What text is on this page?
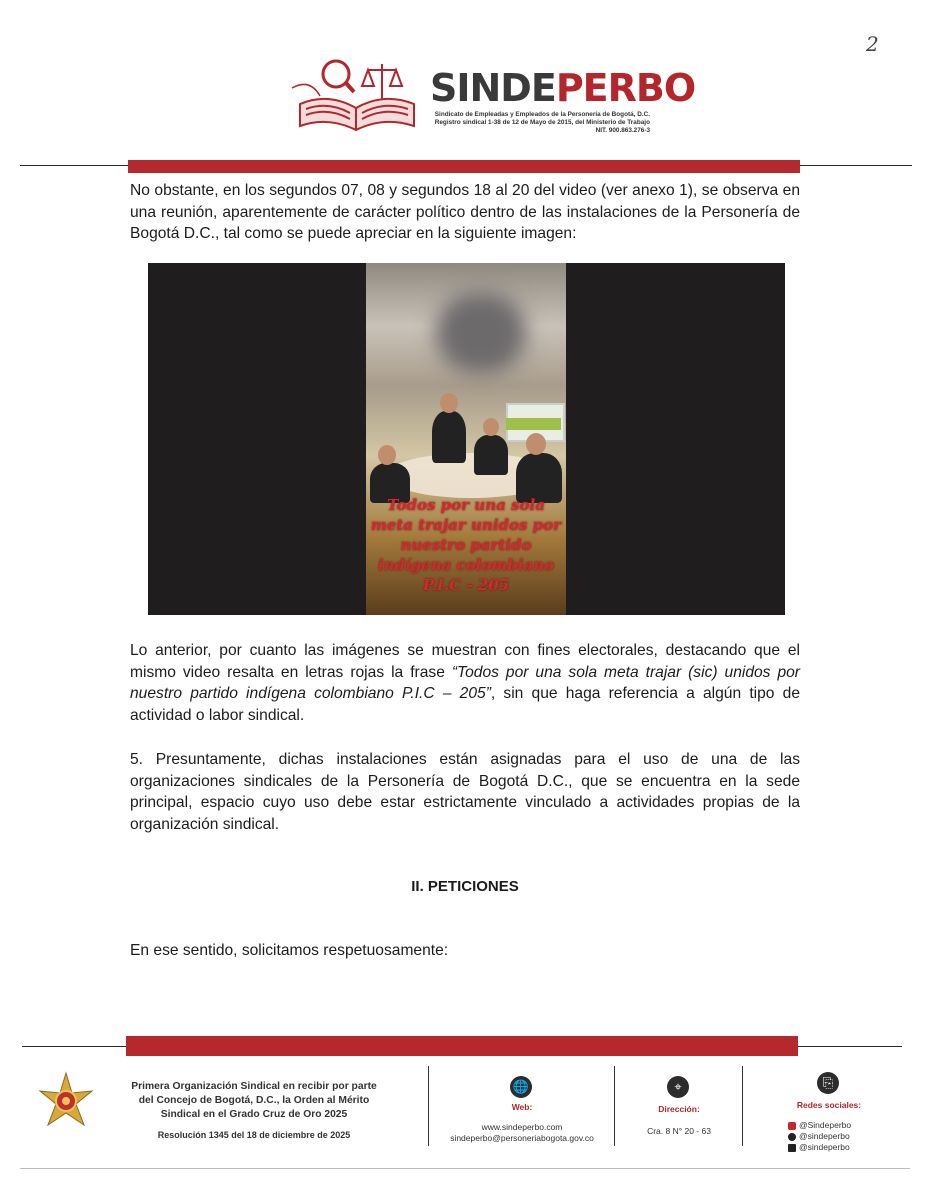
2
SINDEPERBO
Sindicato de Empleadas y Empleados de la Personería de Bogotá, D.C.
Registro sindical 1-38 de 12 de Mayo de 2015, del Ministerio de Trabajo
NIT. 900.863.276-3
No obstante, en los segundos 07, 08 y segundos 18 al 20 del video (ver anexo 1), se observa en una reunión, aparentemente de carácter político dentro de las instalaciones de la Personería de Bogotá D.C., tal como se puede apreciar en la siguiente imagen:
Todos por una sola
meta trajar unidos por
nuestro partido
indígena colombiano
P.I.C - 205
Lo anterior, por cuanto las imágenes se muestran con fines electorales, destacando que el mismo video resalta en letras rojas la frase “Todos por una sola meta trajar (sic) unidos por nuestro partido indígena colombiano P.I.C – 205”, sin que haga referencia a algún tipo de actividad o labor sindical.
5. Presuntamente, dichas instalaciones están asignadas para el uso de una de las organizaciones sindicales de la Personería de Bogotá D.C., que se encuentra en la sede principal, espacio cuyo uso debe estar estrictamente vinculado a actividades propias de la organización sindical.
II. PETICIONES
En ese sentido, solicitamos respetuosamente:
Primera Organización Sindical en recibir por parte
del Concejo de Bogotá, D.C., la Orden al Mérito
Sindical en el Grado Cruz de Oro 2025
Resolución 1345 del 18 de diciembre de 2025
🌐
Web:
www.sindeperbo.com
sindeperbo@personeriabogota.gov.co
⌖
Dirección:
Cra. 8 N° 20 - 63
⎘
Redes sociales:
@Sindeperbo
@sindeperbo
@sindeperbo
